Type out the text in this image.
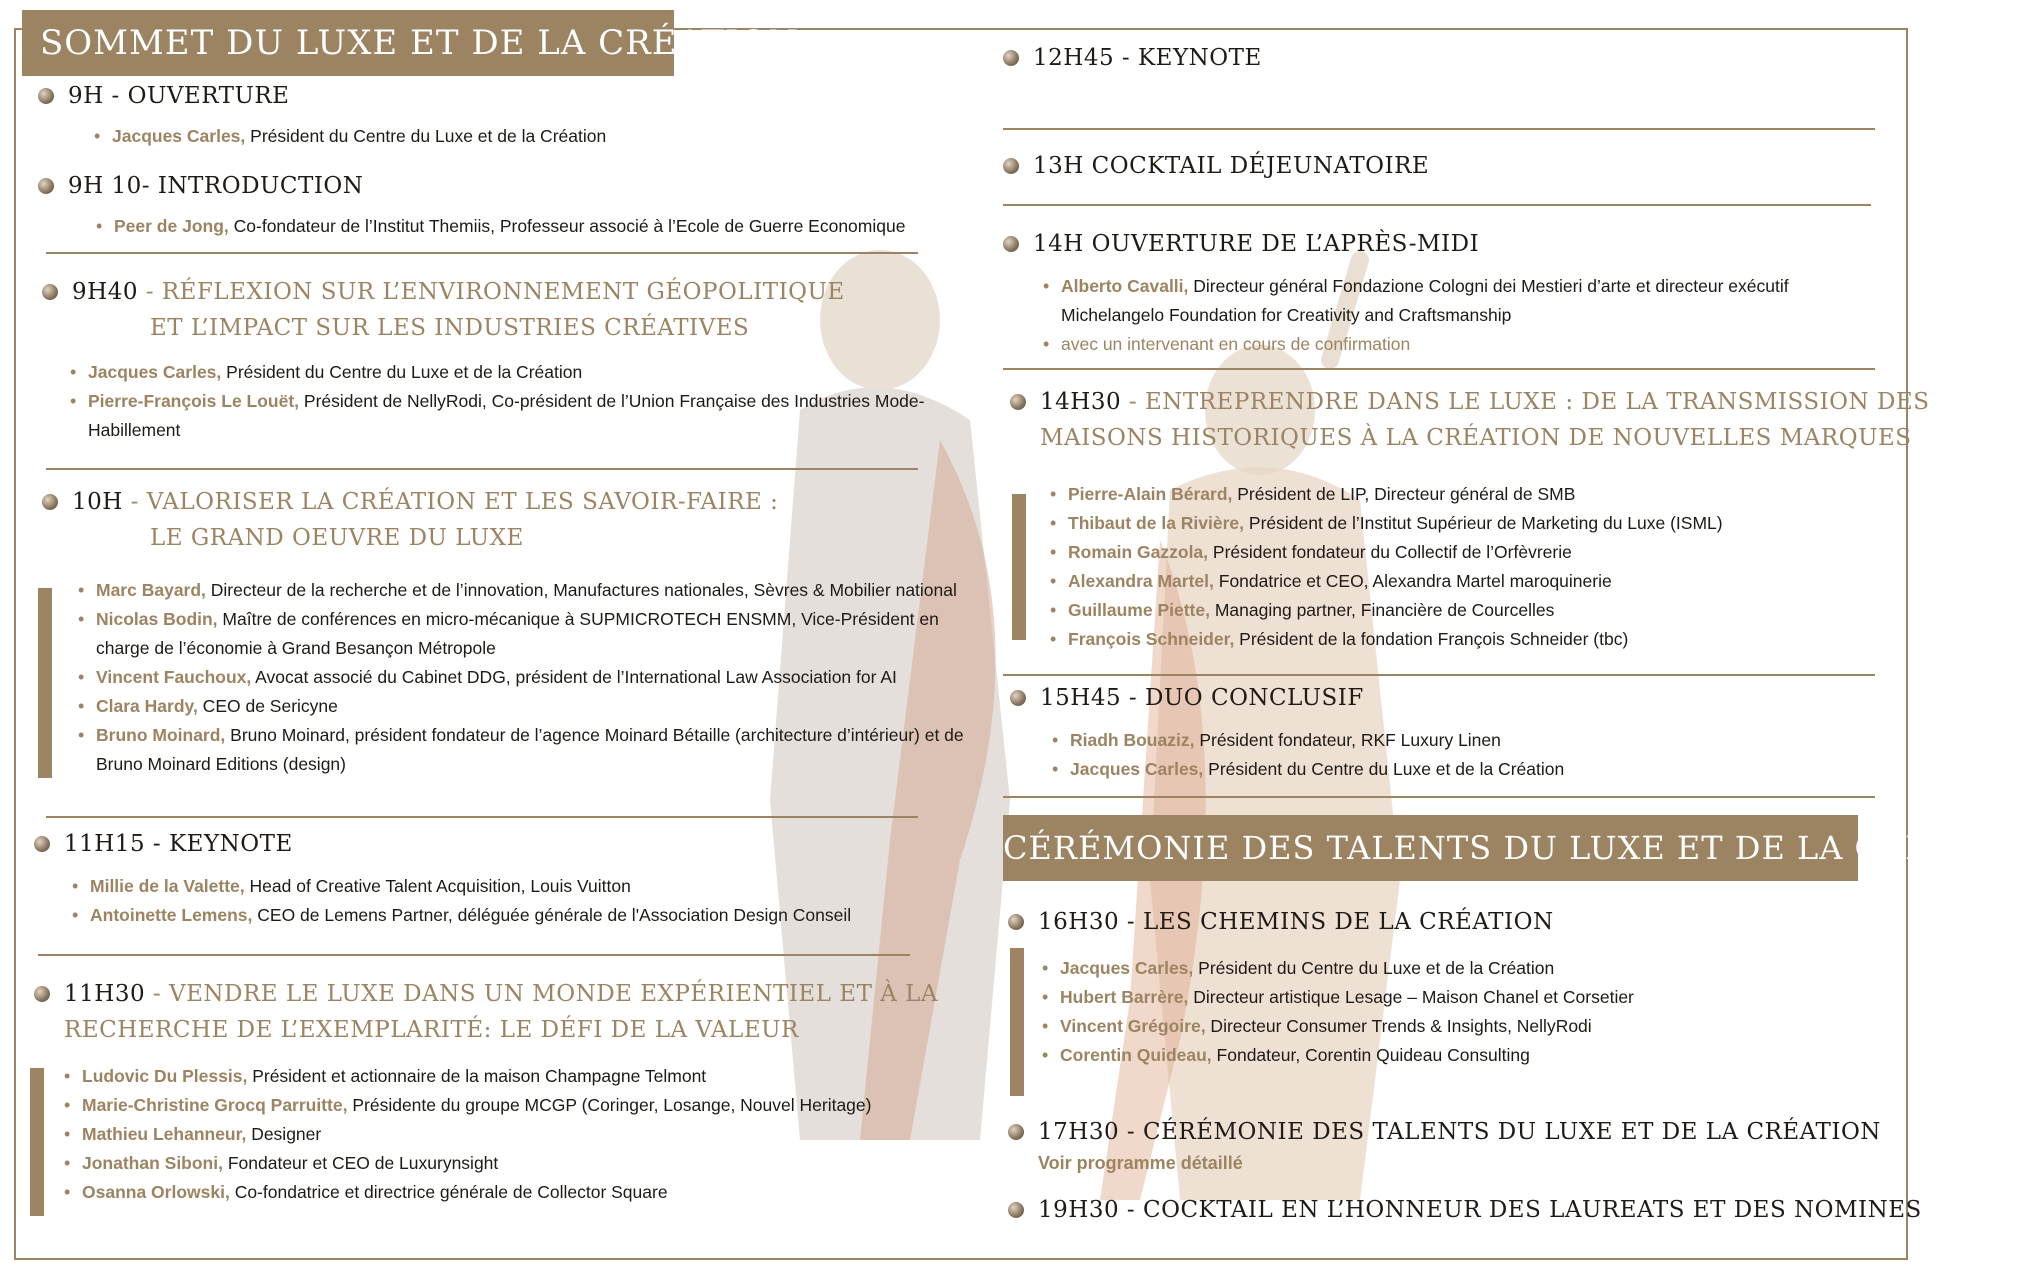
SOMMET DU LUXE ET DE LA CRÉATION
9H - OUVERTURE
• Jacques Carles, Président du Centre du Luxe et de la Création
9H 10- INTRODUCTION
• Peer de Jong, Co-fondateur de l’Institut Themiis, Professeur associé à l’Ecole de Guerre Economique
9H40 - RÉFLEXION SUR L’ENVIRONNEMENT GÉOPOLITIQUE
ET L’IMPACT SUR LES INDUSTRIES CRÉATIVES
• Jacques Carles, Président du Centre du Luxe et de la Création
• Pierre-François Le Louët, Président de NellyRodi, Co-président de l’Union Française des Industries Mode-Habillement
10H - VALORISER LA CRÉATION ET LES SAVOIR-FAIRE :
LE GRAND OEUVRE DU LUXE
• Marc Bayard, Directeur de la recherche et de l’innovation, Manufactures nationales, Sèvres & Mobilier national
• Nicolas Bodin, Maître de conférences en micro-mécanique à SUPMICROTECH ENSMM, Vice-Président en charge de l’économie à Grand Besançon Métropole
• Vincent Fauchoux, Avocat associé du Cabinet DDG, président de l’International Law Association for AI
• Clara Hardy, CEO de Sericyne
• Bruno Moinard, Bruno Moinard, président fondateur de l’agence Moinard Bétaille (architecture d’intérieur) et de Bruno Moinard Editions (design)
11H15 - KEYNOTE
• Millie de la Valette, Head of Creative Talent Acquisition, Louis Vuitton
• Antoinette Lemens, CEO de Lemens Partner, déléguée générale de l'Association Design Conseil
11H30 - VENDRE LE LUXE DANS UN MONDE EXPÉRIENTIEL ET À LA
RECHERCHE DE L’EXEMPLARITÉ: LE DÉFI DE LA VALEUR
• Ludovic Du Plessis, Président et actionnaire de la maison Champagne Telmont
• Marie-Christine Grocq Parruitte, Présidente du groupe MCGP (Coringer, Losange, Nouvel Heritage)
• Mathieu Lehanneur, Designer
• Jonathan Siboni, Fondateur et CEO de Luxurynsight
• Osanna Orlowski, Co-fondatrice et directrice générale de Collector Square
12H45 - KEYNOTE
13H COCKTAIL DÉJEUNATOIRE
14H OUVERTURE DE L’APRÈS-MIDI
• Alberto Cavalli, Directeur général Fondazione Cologni dei Mestieri d’arte et directeur exécutif Michelangelo Foundation for Creativity and Craftsmanship
• avec un intervenant en cours de confirmation
14H30 - ENTREPRENDRE DANS LE LUXE : DE LA TRANSMISSION DES
MAISONS HISTORIQUES À LA CRÉATION DE NOUVELLES MARQUES
• Pierre-Alain Bérard, Président de LIP, Directeur général de SMB
• Thibaut de la Rivière, Président de l’Institut Supérieur de Marketing du Luxe (ISML)
• Romain Gazzola, Président fondateur du Collectif de l’Orfèvrerie
• Alexandra Martel, Fondatrice et CEO, Alexandra Martel maroquinerie
• Guillaume Piette, Managing partner, Financière de Courcelles
• François Schneider, Président de la fondation François Schneider (tbc)
15H45 - DUO CONCLUSIF
• Riadh Bouaziz, Président fondateur, RKF Luxury Linen
• Jacques Carles, Président du Centre du Luxe et de la Création
CÉRÉMONIE DES TALENTS DU LUXE ET DE LA CRÉATION
16H30 - LES CHEMINS DE LA CRÉATION
• Jacques Carles, Président du Centre du Luxe et de la Création
• Hubert Barrère, Directeur artistique Lesage – Maison Chanel et Corsetier
• Vincent Grégoire, Directeur Consumer Trends & Insights, NellyRodi
• Corentin Quideau, Fondateur, Corentin Quideau Consulting
17H30 - CÉRÉMONIE DES TALENTS DU LUXE ET DE LA CRÉATION
Voir programme détaillé
19H30 - COCKTAIL EN L’HONNEUR DES LAUREATS ET DES NOMINES
